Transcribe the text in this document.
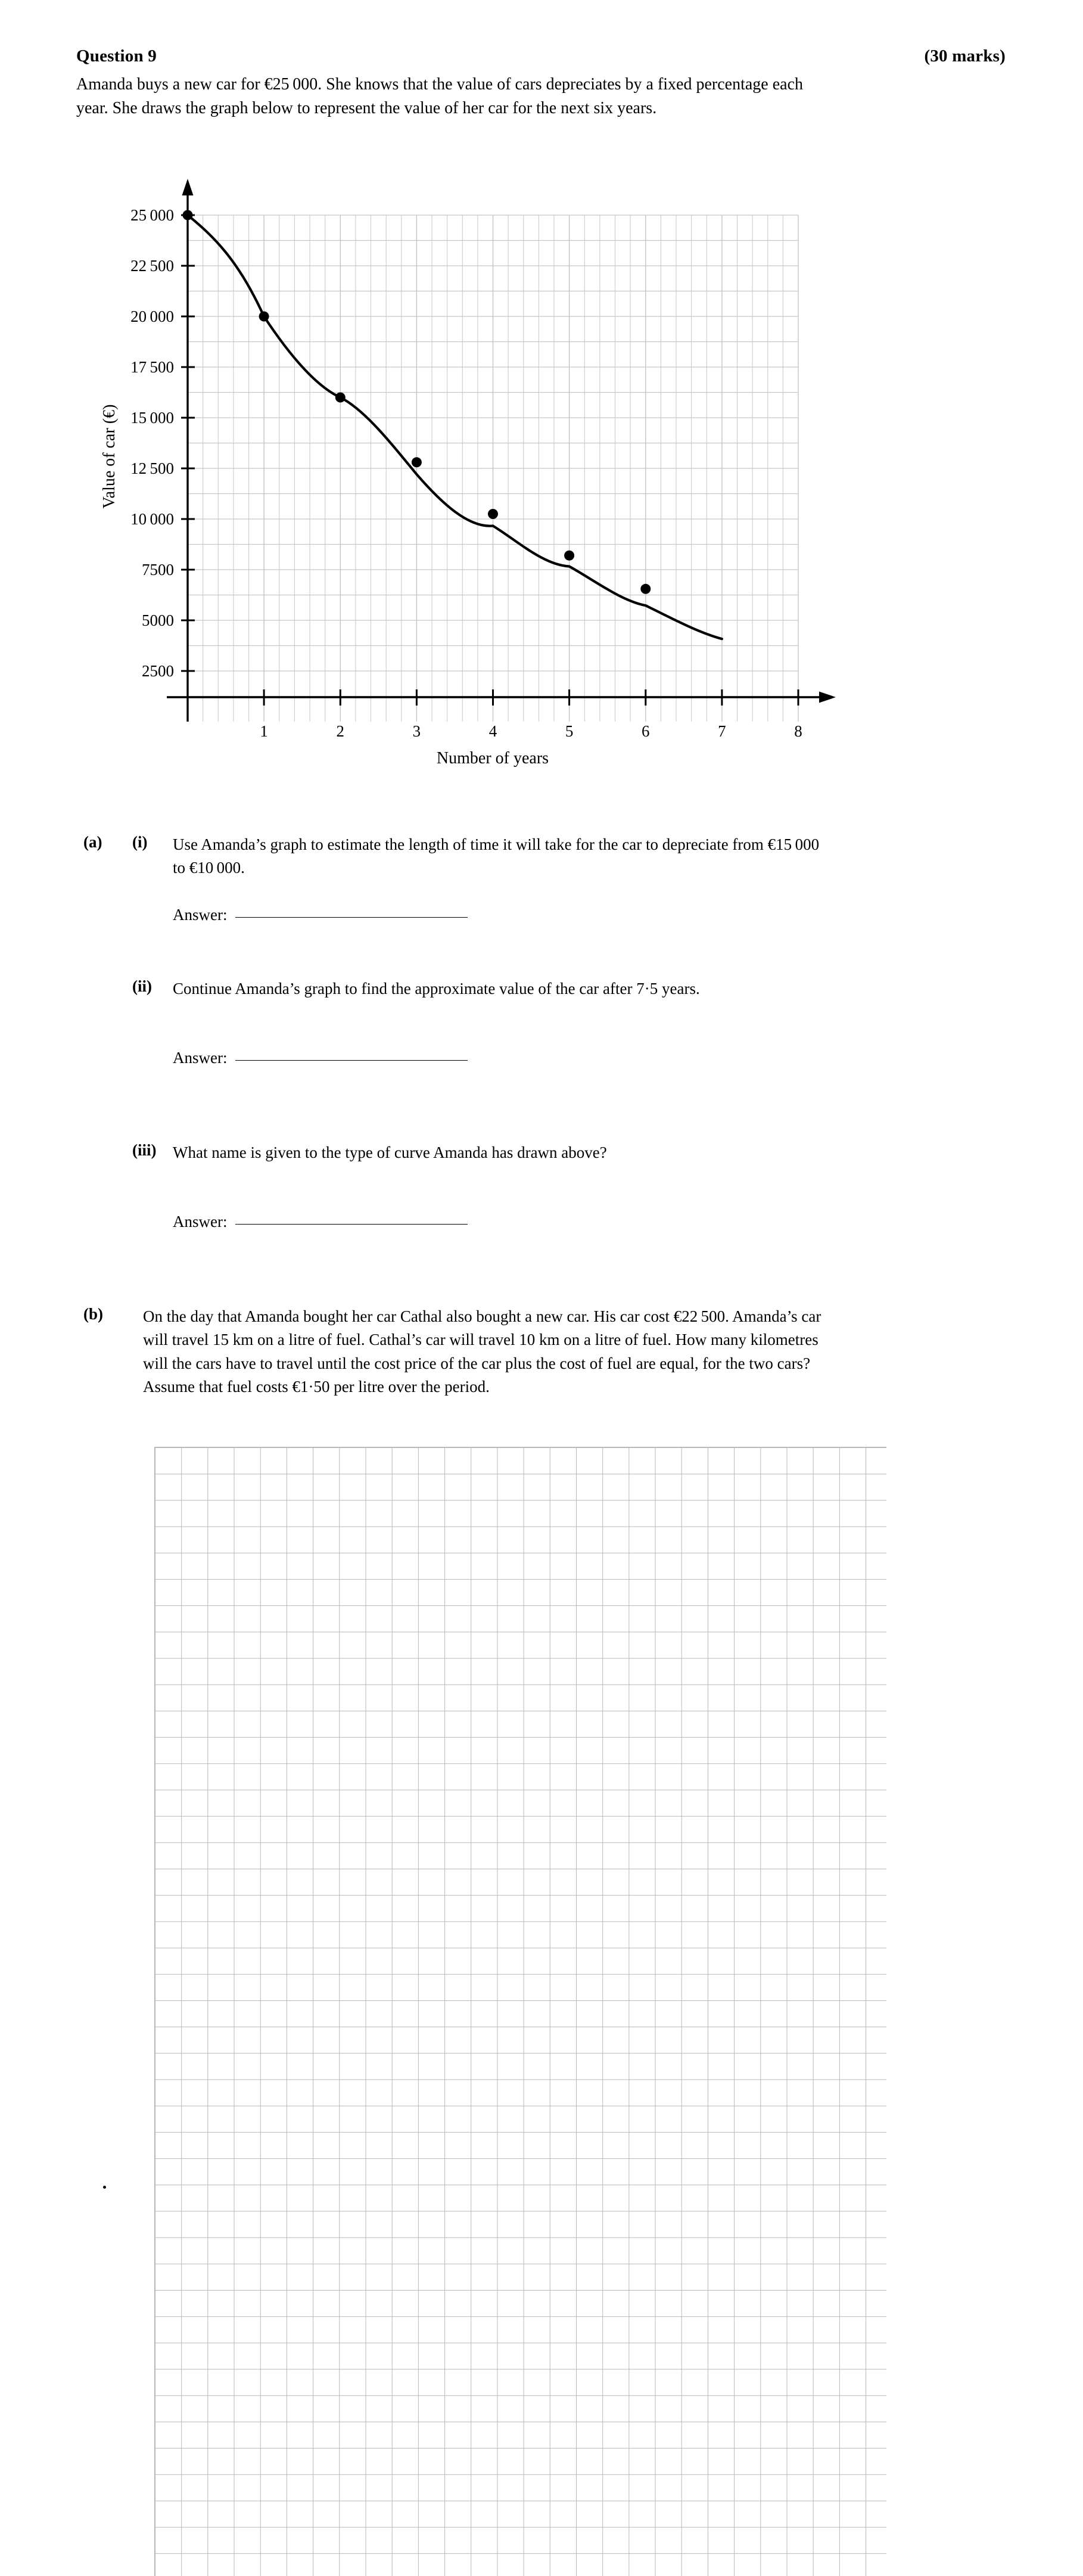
Question 9	(30 marks)
Amanda buys a new car for €25 000. She knows that the value of cars depreciates by a fixed percentage each year. She draws the graph below to represent the value of her car for the next six years.
25 000
22 500
20 000
17 500
15 000
12 500
10 000
7500
5000
2500
1	2	3	4	5	6	7	8
Number of years
Value of car (€)
(a) (i) Use Amanda’s graph to estimate the length of time it will take for the car to depreciate from €15 000 to €10 000.
Answer:
(ii) Continue Amanda’s graph to find the approximate value of the car after 7·5 years.
Answer:
(iii) What name is given to the type of curve Amanda has drawn above?
Answer:
(b) On the day that Amanda bought her car Cathal also bought a new car. His car cost €22 500. Amanda’s car will travel 15 km on a litre of fuel. Cathal’s car will travel 10 km on a litre of fuel. How many kilometres will the cars have to travel until the cost price of the car plus the cost of fuel are equal, for the two cars? Assume that fuel costs €1·50 per litre over the period.
